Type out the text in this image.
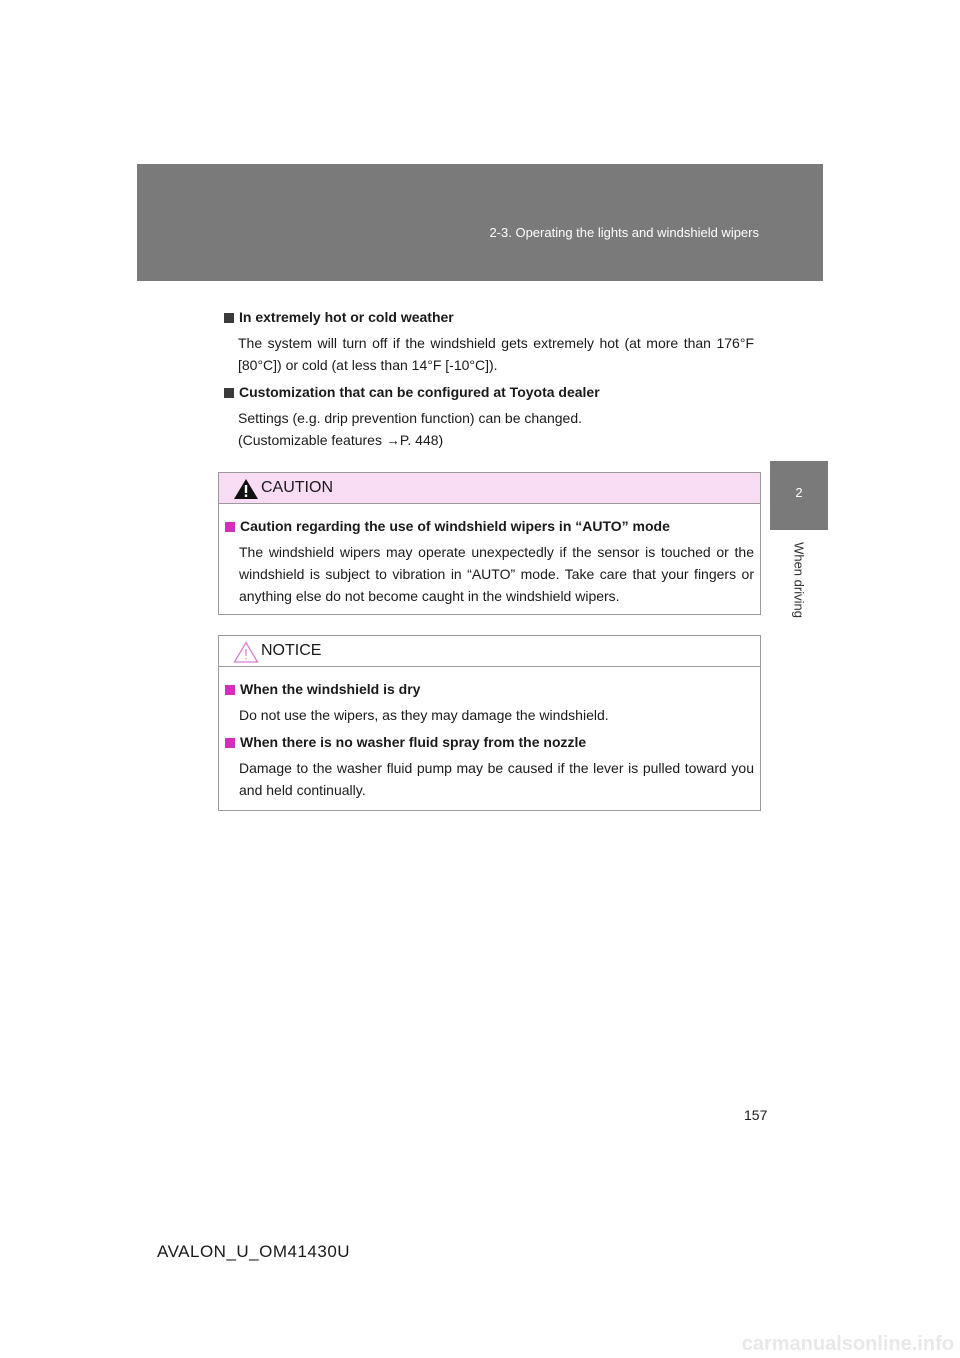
2-3. Operating the lights and windshield wipers
2
When driving
In extremely hot or cold weather

The system will turn off if the windshield gets extremely hot (at more than 176°F [80°C]) or cold (at less than 14°F [-10°C]).

Customization that can be configured at Toyota dealer

Settings (e.g. drip prevention function) can be changed.

(Customizable features →P. 448)

CAUTION
Caution regarding the use of windshield wipers in “AUTO” mode
The windshield wipers may operate unexpectedly if the sensor is touched or the windshield is subject to vibration in “AUTO” mode. Take care that your fingers or anything else do not become caught in the windshield wipers.
NOTICE
When the windshield is dry
Do not use the wipers, as they may damage the windshield.
When there is no washer fluid spray from the nozzle
Damage to the washer fluid pump may be caused if the lever is pulled toward you and held continually.
157
AVALON_U_OM41430U
carmanualsonline.info
